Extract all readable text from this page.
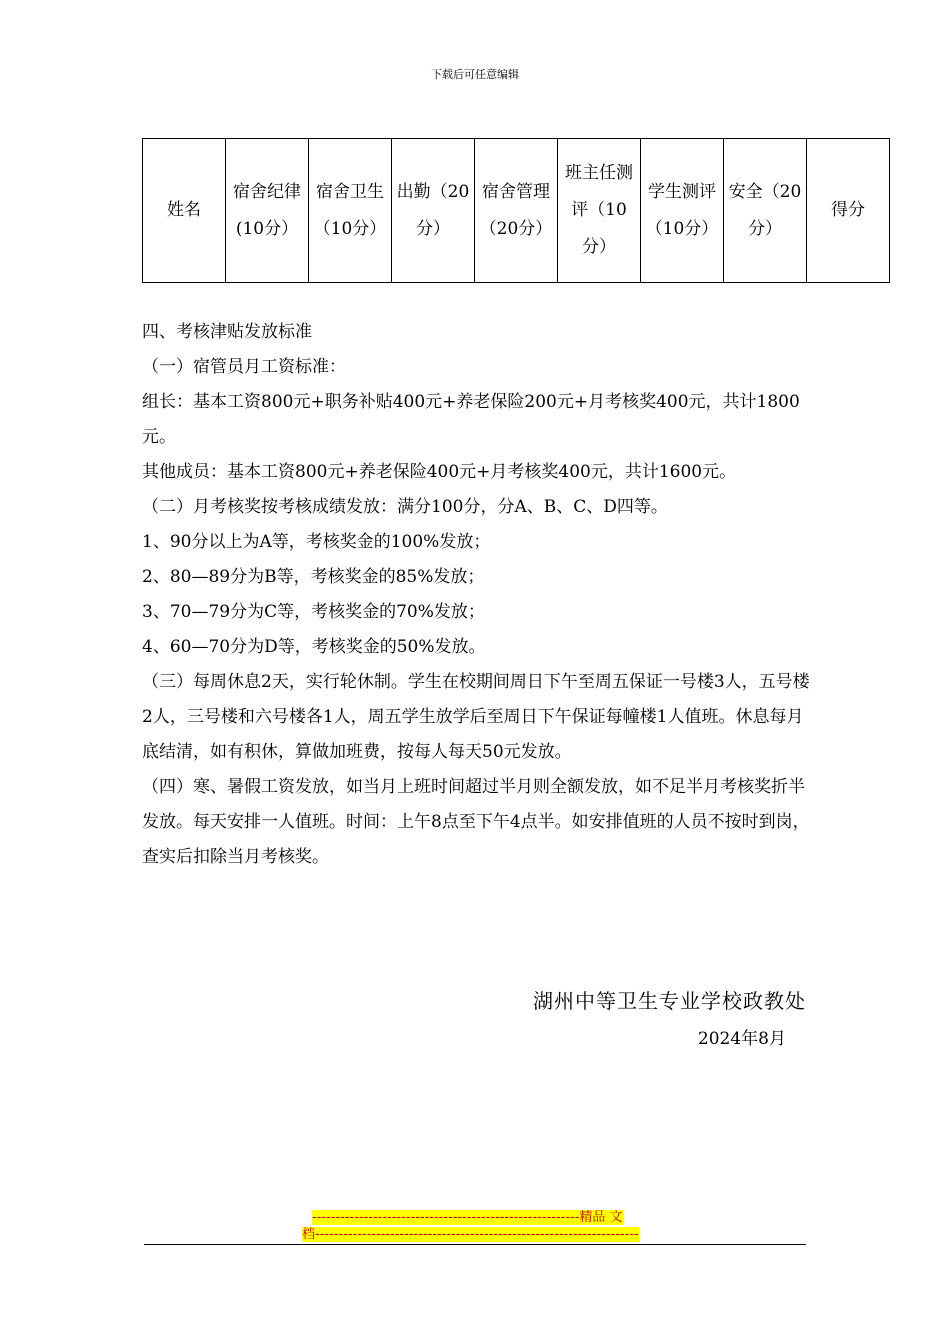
下载后可任意编辑
姓名	宿舍纪律(10分）	宿舍卫生（10分）	出勤（20分）	宿舍管理（20分）	班主任测评（10分）	学生测评（10分）	安全（20分）	得分

四、考核津贴发放标准

（一）宿管员月工资标准：

组长：基本工资800元+职务补贴400元+养老保险200元+月考核奖400元，共计1800元。

其他成员：基本工资800元+养老保险400元+月考核奖400元，共计1600元。

（二）月考核奖按考核成绩发放：满分100分，分A、B、C、D四等。

1、90分以上为A等，考核奖金的100%发放；

2、80—89分为B等，考核奖金的85%发放；

3、70—79分为C等，考核奖金的70%发放；

4、60—70分为D等，考核奖金的50%发放。

（三）每周休息2天，实行轮休制。学生在校期间周日下午至周五保证一号楼3人，五号楼2人，三号楼和六号楼各1人，周五学生放学后至周日下午保证每幢楼1人值班。休息每月底结清，如有积休，算做加班费，按每人每天50元发放。

（四）寒、暑假工资发放，如当月上班时间超过半月则全额发放，如不足半月考核奖折半发放。每天安排一人值班。时间：上午8点至下午4点半。如安排值班的人员不按时到岗，查实后扣除当月考核奖。

湖州中等卫生专业学校政教处
2024年8月
---------------------------------------------------------精品 文
档---------------------------------------------------------------------
